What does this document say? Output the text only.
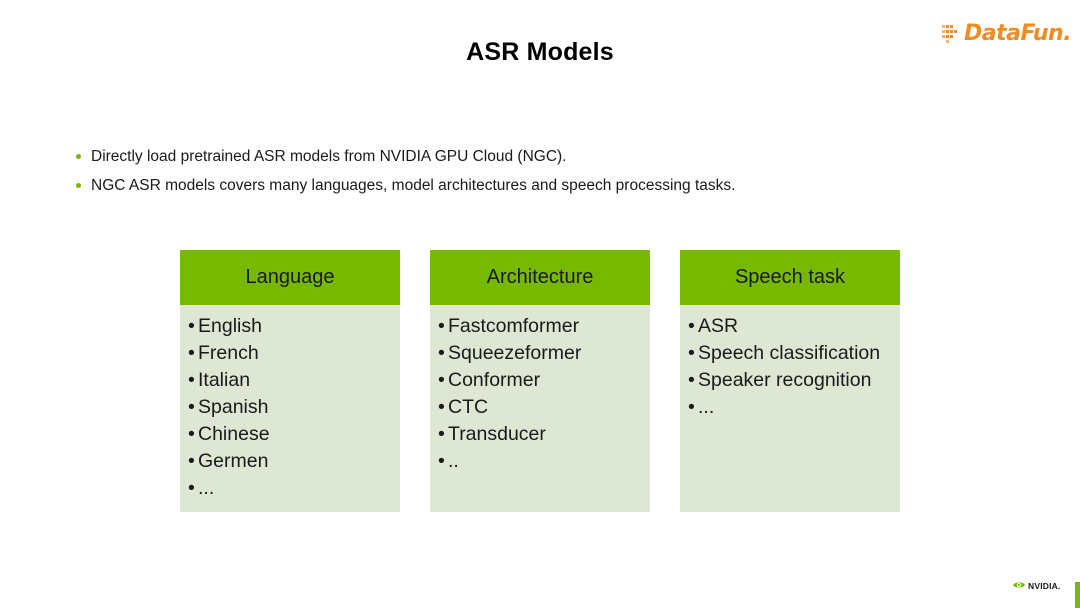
ASR Models
DataFun.
Directly load pretrained ASR models from NVIDIA GPU Cloud (NGC).
NGC ASR models covers many languages, model architectures and speech processing tasks.
Language
• English
• French
• Italian
• Spanish
• Chinese
• Germen
• ...
Architecture
• Fastcomformer
• Squeezeformer
• Conformer
• CTC
• Transducer
• ..
Speech task
• ASR
• Speech classification
• Speaker recognition
• ...
NVIDIA.
